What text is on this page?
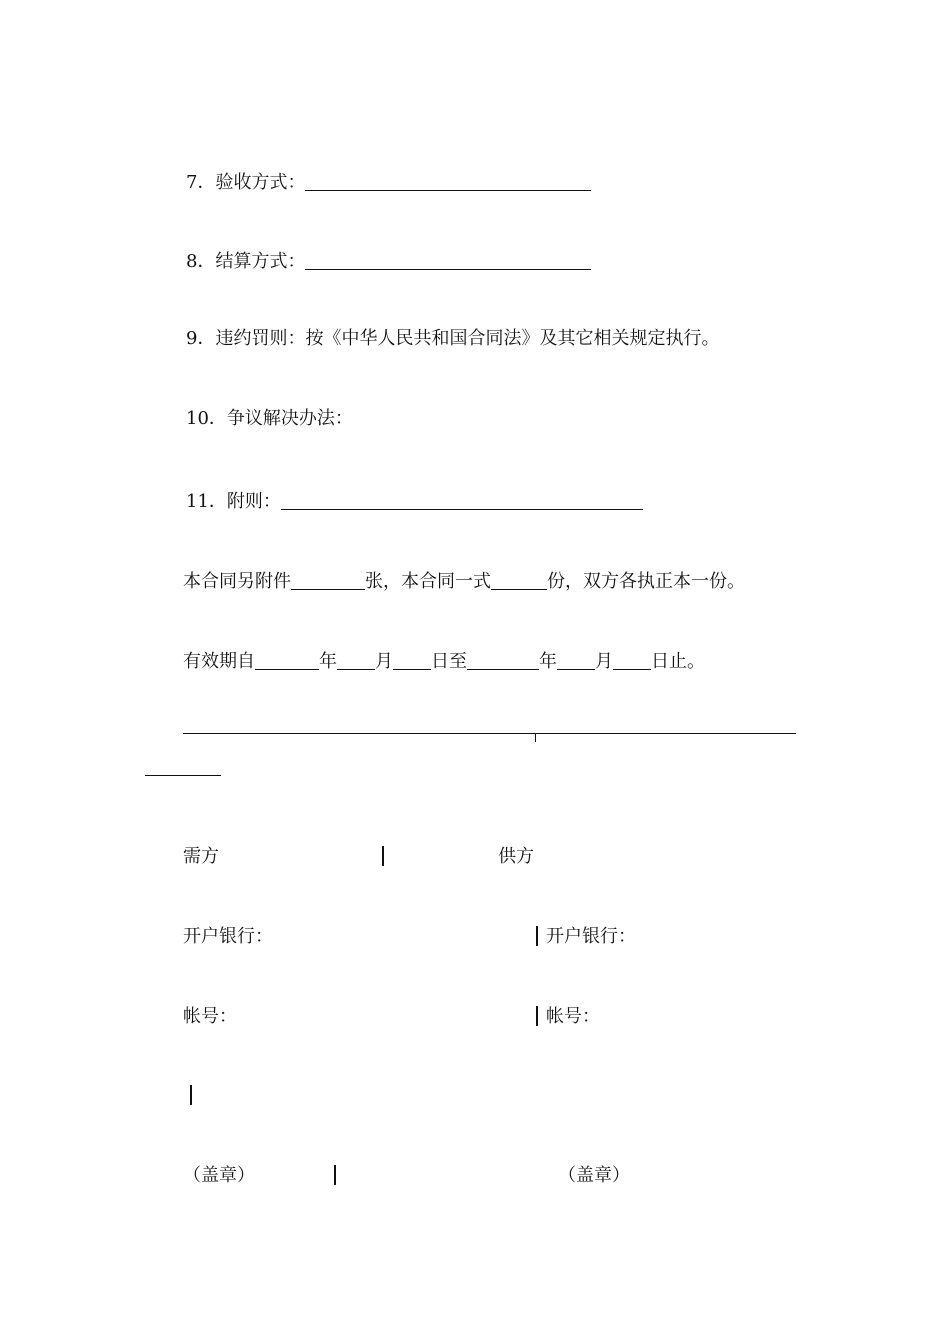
7．验收方式：
8．结算方式：
9．违约罚则：按《中华人民共和国合同法》及其它相关规定执行。
10．争议解决办法：
11．附则：
本合同另附件	张，本合同一式	份，双方各执正本一份。
有效期自	年 月 日至	年 月 日止。
需方	供方
开户银行：	开户银行：
帐号：	帐号：
（盖章）	（盖章）
